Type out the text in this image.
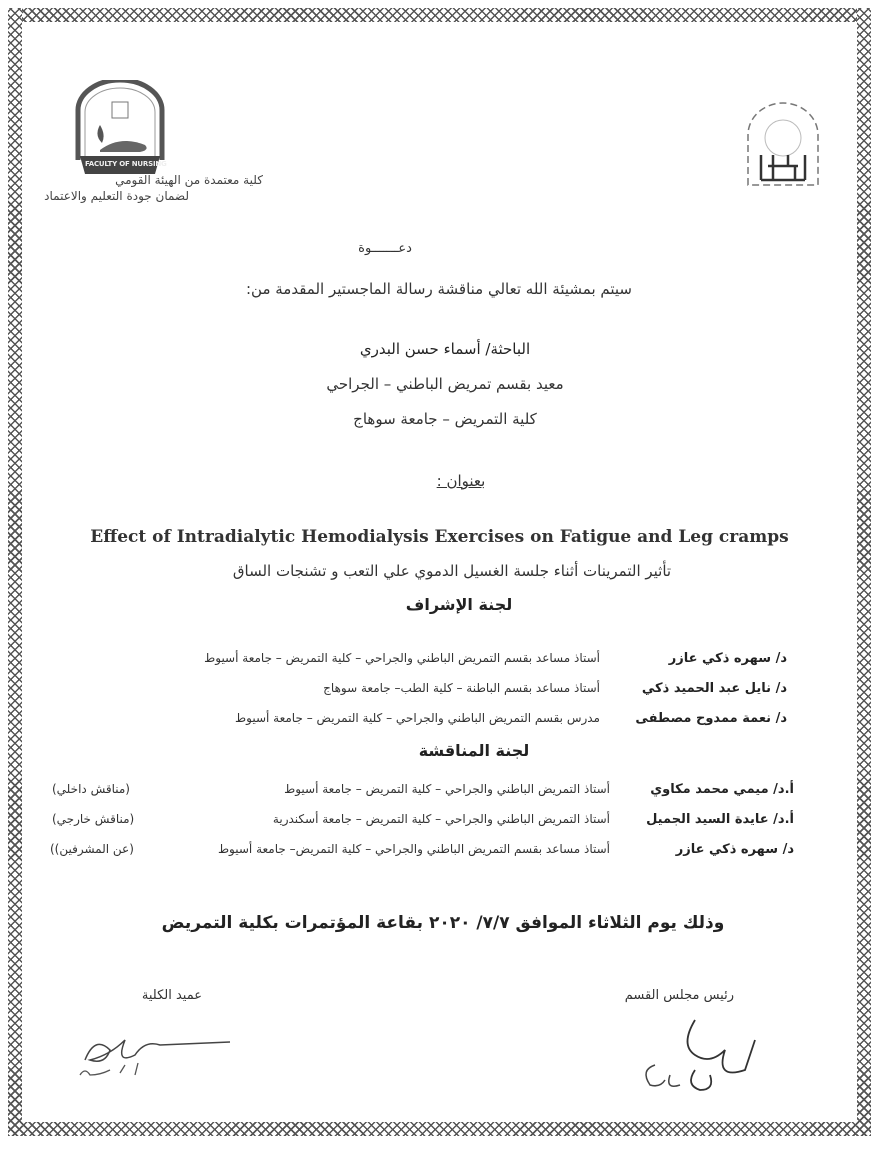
FACULTY OF NURSING
كلية معتمدة من الهيئة القومي
لضمان جودة التعليم والاعتماد
دعـــــــوة
سيتم بمشيئة الله تعالي مناقشة رسالة الماجستير المقدمة من:
الباحثة/ أسماء حسن البدري
معيد بقسم تمريض الباطني – الجراحي
كلية التمريض – جامعة سوهاج
بعنوان :
Effect of Intradialytic Hemodialysis Exercises on Fatigue and Leg cramps
تأثير التمرينات أثناء جلسة الغسيل الدموي علي التعب و تشنجات الساق
لجنة الإشراف
د/ سهره ذكي عازر
أستاذ مساعد بقسم التمريض الباطني والجراحي – كلية التمريض – جامعة أسيوط
د/ نايل عبد الحميد ذكي
أستاذ مساعد بقسم الباطنة – كلية الطب– جامعة سوهاج
د/ نعمة ممدوح مصطفى
مدرس بقسم التمريض الباطني والجراحي – كلية التمريض – جامعة أسيوط
لجنة المناقشة
أ.د/ ميمي محمد مكاوي
أستاذ التمريض الباطني والجراحي – كلية التمريض – جامعة أسيوط
(مناقش داخلي)
أ.د/ عايدة السيد الجميل
أستاذ التمريض الباطني والجراحي – كلية التمريض – جامعة أسكندرية
(مناقش خارجي)
د/ سهره ذكي عازر
أستاذ مساعد بقسم التمريض الباطني والجراحي – كلية التمريض– جامعة أسيوط
(عن المشرفين))
وذلك يوم الثلاثاء الموافق ٧/٧/ ٢٠٢٠ بقاعة المؤتمرات بكلية التمريض
رئيس مجلس القسم
عميد الكلية
